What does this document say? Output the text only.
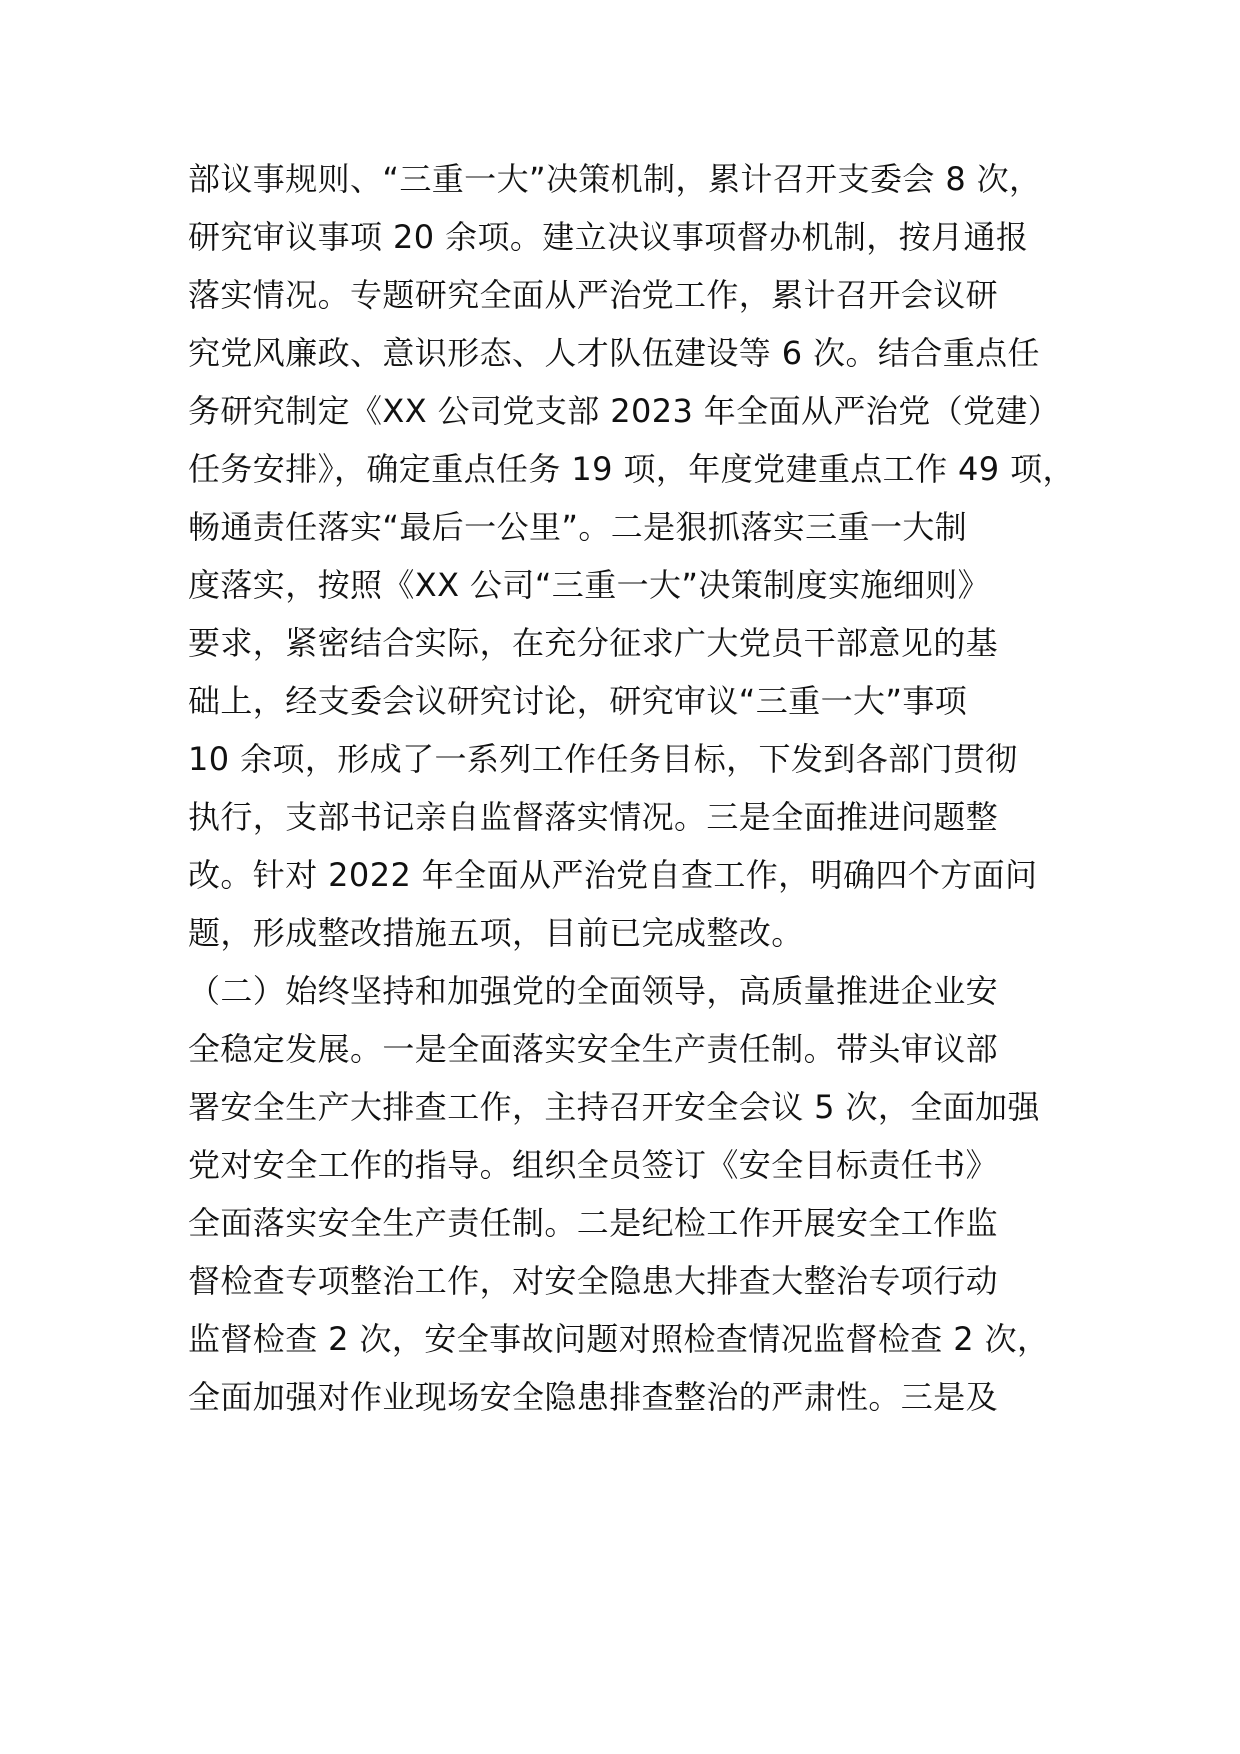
部议事规则、“三重一大”决策机制，累计召开支委会 8 次，
研究审议事项 20 余项。建立决议事项督办机制，按月通报
落实情况。专题研究全面从严治党工作，累计召开会议研
究党风廉政、意识形态、人才队伍建设等 6 次。结合重点任
务研究制定《XX 公司党支部 2023 年全面从严治党（党建）
任务安排》，确定重点任务 19 项，年度党建重点工作 49 项，
畅通责任落实“最后一公里”。二是狠抓落实三重一大制
度落实，按照《XX 公司“三重一大”决策制度实施细则》
要求，紧密结合实际，在充分征求广大党员干部意见的基
础上，经支委会议研究讨论，研究审议“三重一大”事项
10 余项，形成了一系列工作任务目标，下发到各部门贯彻
执行，支部书记亲自监督落实情况。三是全面推进问题整
改。针对 2022 年全面从严治党自查工作，明确四个方面问
题，形成整改措施五项，目前已完成整改。
（二）始终坚持和加强党的全面领导，高质量推进企业安
全稳定发展。一是全面落实安全生产责任制。带头审议部
署安全生产大排查工作，主持召开安全会议 5 次，全面加强
党对安全工作的指导。组织全员签订《安全目标责任书》
全面落实安全生产责任制。二是纪检工作开展安全工作监
督检查专项整治工作，对安全隐患大排查大整治专项行动
监督检查 2 次，安全事故问题对照检查情况监督检查 2 次，
全面加强对作业现场安全隐患排查整治的严肃性。三是及
